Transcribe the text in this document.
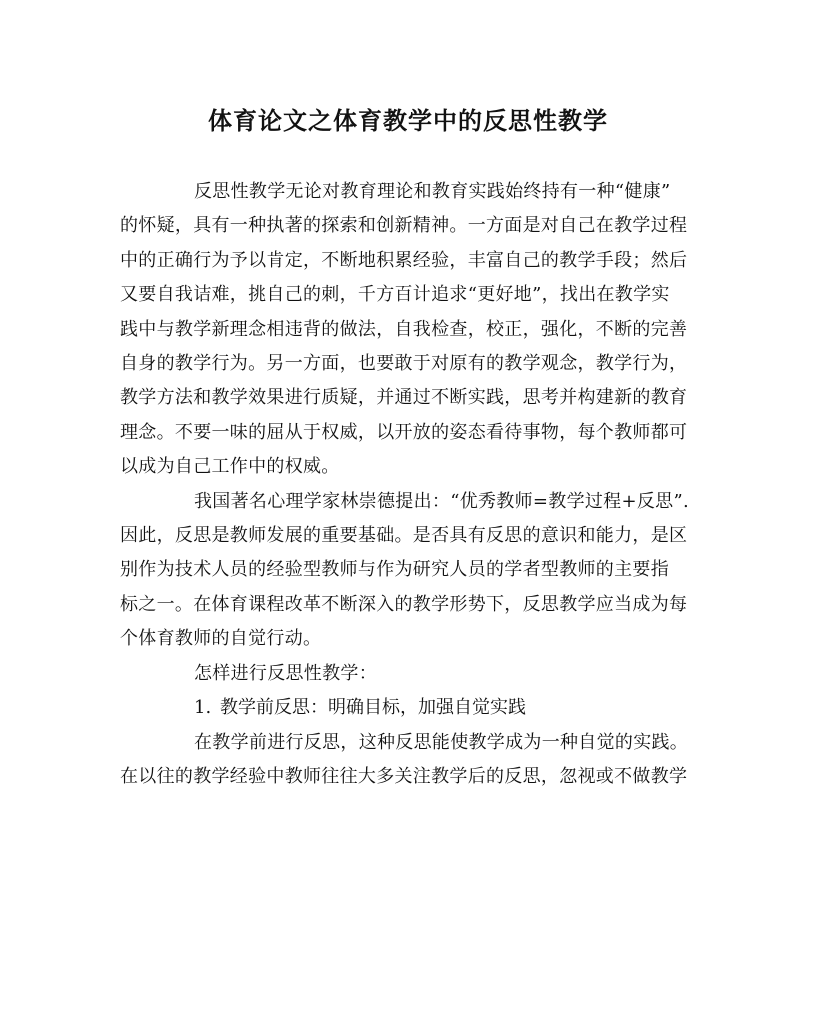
体育论文之体育教学中的反思性教学
反思性教学无论对教育理论和教育实践始终持有一种“健康”
的怀疑，具有一种执著的探索和创新精神。一方面是对自己在教学过程
中的正确行为予以肯定，不断地积累经验，丰富自己的教学手段；然后
又要自我诘难，挑自己的刺，千方百计追求“更好地”，找出在教学实
践中与教学新理念相违背的做法，自我检查，校正，强化，不断的完善
自身的教学行为。另一方面，也要敢于对原有的教学观念，教学行为，
教学方法和教学效果进行质疑，并通过不断实践，思考并构建新的教育
理念。不要一味的屈从于权威，以开放的姿态看待事物，每个教师都可
以成为自己工作中的权威。
我国著名心理学家林崇德提出：“优秀教师=教学过程+反思”.
因此，反思是教师发展的重要基础。是否具有反思的意识和能力，是区
别作为技术人员的经验型教师与作为研究人员的学者型教师的主要指
标之一。在体育课程改革不断深入的教学形势下，反思教学应当成为每
个体育教师的自觉行动。
怎样进行反思性教学：
1. 教学前反思：明确目标，加强自觉实践
在教学前进行反思，这种反思能使教学成为一种自觉的实践。
在以往的教学经验中教师往往大多关注教学后的反思，忽视或不做教学
